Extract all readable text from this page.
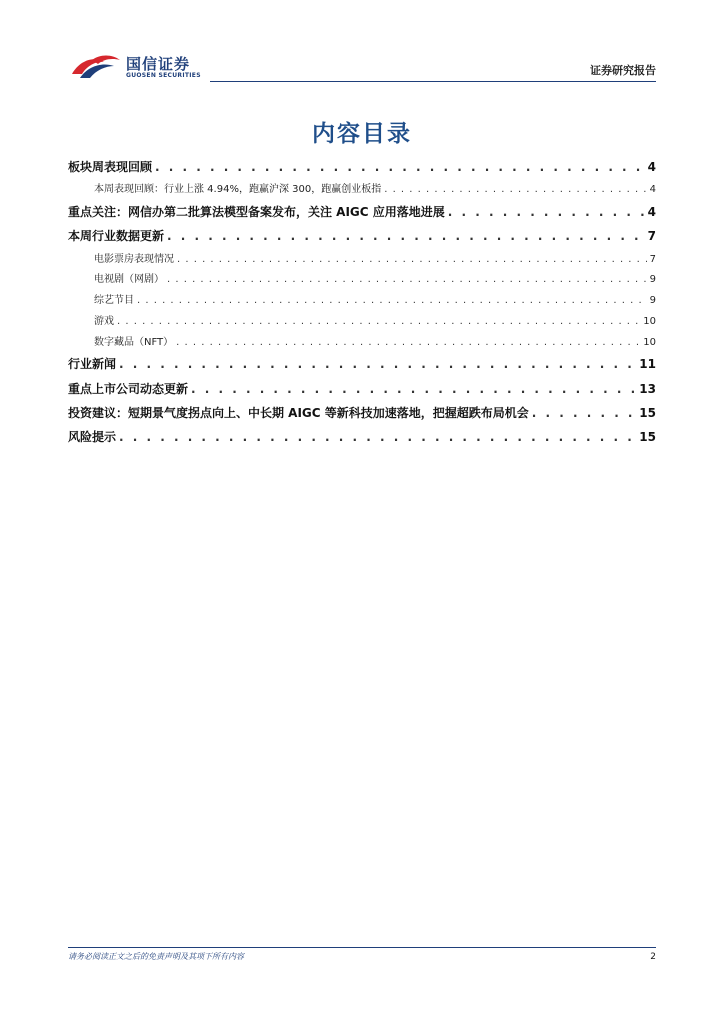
国信证券
GUOSEN SECURITIES	证券研究报告
内容目录
板块周表现回顾 . . .	4
本周表现回顾：行业上涨 4.94%，跑赢沪深 300，跑赢创业板指 . . .	4
重点关注：网信办第二批算法模型备案发布，关注 AIGC 应用落地进展 . . .	4
本周行业数据更新 . . .	7
电影票房表现情况 . . .	7
电视剧（网剧） . . .	9
综艺节目 . . .	9
游戏 . . .	10
数字藏品（NFT） . . .	10
行业新闻 . . .	11
重点上市公司动态更新 . . .	13
投资建议：短期景气度拐点向上、中长期 AIGC 等新科技加速落地，把握超跌布局机会 . . .	15
风险提示 . . .	15
请务必阅读正文之后的免责声明及其项下所有内容	2
